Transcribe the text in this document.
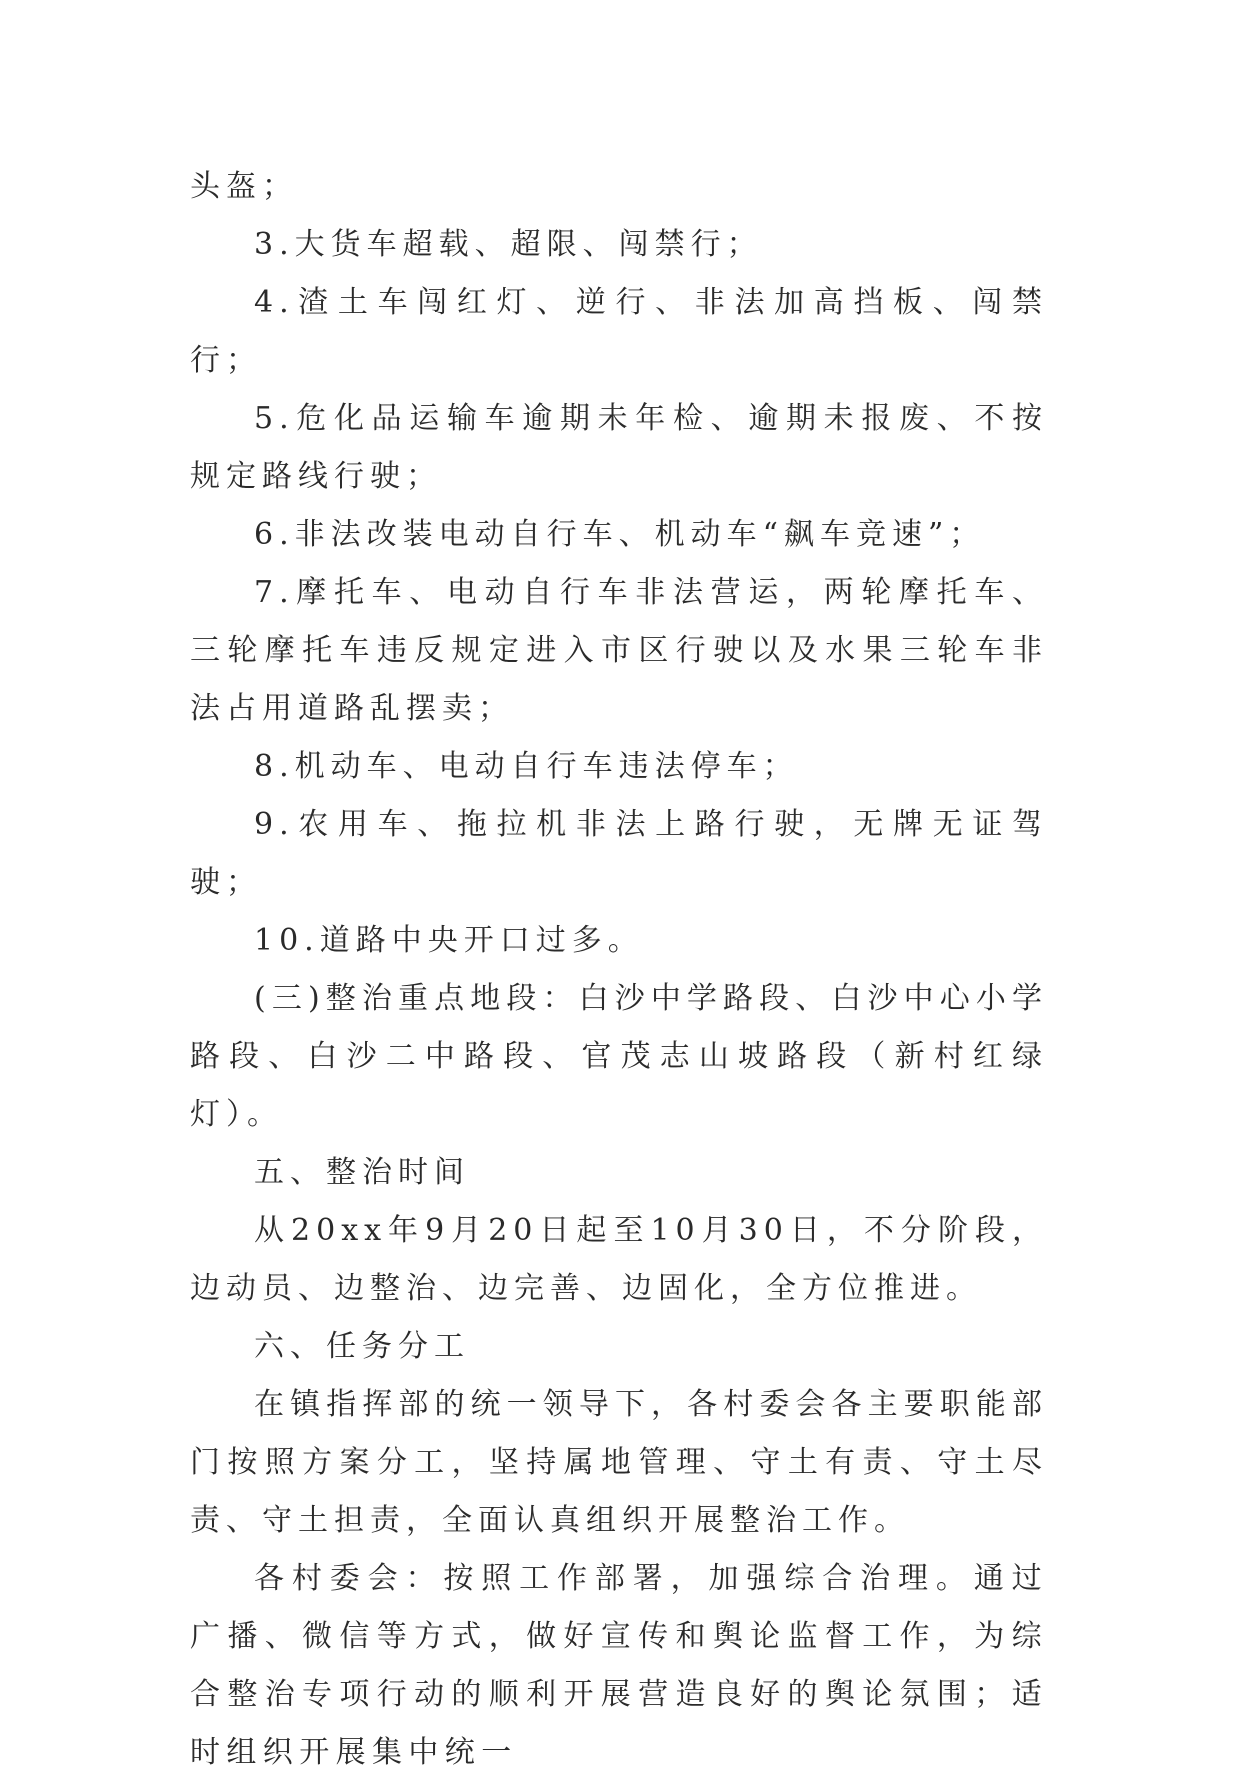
头盔；

3.大货车超载、超限、闯禁行；

4.渣土车闯红灯、逆行、非法加高挡板、闯禁行；

5.危化品运输车逾期未年检、逾期未报废、不按规定路线行驶；

6.非法改装电动自行车、机动车“飙车竞速”；

7.摩托车、电动自行车非法营运，两轮摩托车、三轮摩托车违反规定进入市区行驶以及水果三轮车非法占用道路乱摆卖；

8.机动车、电动自行车违法停车；

9.农用车、拖拉机非法上路行驶，无牌无证驾驶；

10.道路中央开口过多。

(三)整治重点地段：白沙中学路段、白沙中心小学路段、白沙二中路段、官茂志山坡路段（新村红绿灯）。

五、整治时间

从20xx年9月20日起至10月30日，不分阶段，边动员、边整治、边完善、边固化，全方位推进。

六、任务分工

在镇指挥部的统一领导下，各村委会各主要职能部门按照方案分工，坚持属地管理、守土有责、守土尽责、守土担责，全面认真组织开展整治工作。

各村委会：按照工作部署，加强综合治理。通过广播、微信等方式，做好宣传和舆论监督工作，为综合整治专项行动的顺利开展营造良好的舆论氛围；适时组织开展集中统一
